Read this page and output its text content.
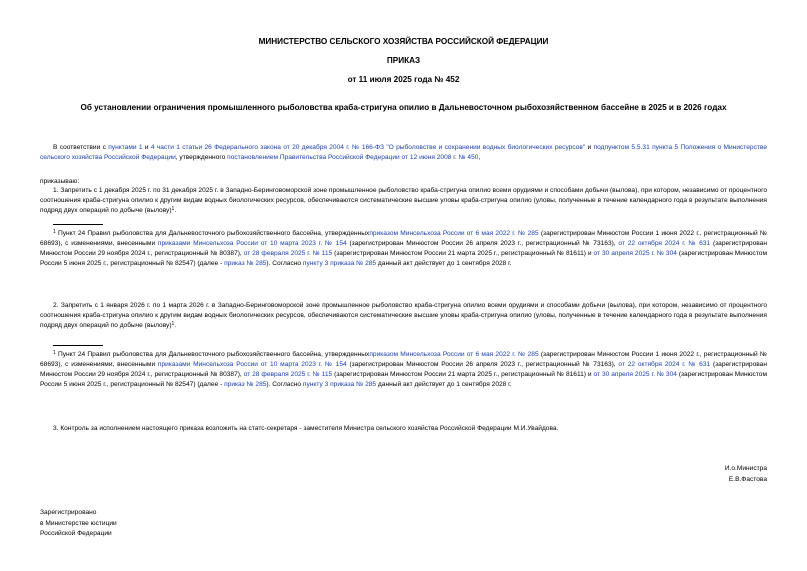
МИНИСТЕРСТВО СЕЛЬСКОГО ХОЗЯЙСТВА РОССИЙСКОЙ ФЕДЕРАЦИИ
ПРИКАЗ
от 11 июля 2025 года № 452
Об установлении ограничения промышленного рыболовства краба-стригуна опилио в Дальневосточном рыбохозяйственном бассейне в 2025 и в 2026 годах
В соответствии с пунктами 1 и 4 части 1 статьи 26 Федерального закона от 20 декабря 2004 г. № 166-ФЗ "О рыболовстве и сохранении водных биологических ресурсов" и подпунктом 5.5.31 пункта 5 Положения о Министерстве сельского хозяйства Российской Федерации, утвержденного постановлением Правительства Российской Федерации от 12 июня 2008 г. № 450,
приказываю:
1. Запретить с 1 декабря 2025 г. по 31 декабря 2025 г. в Западно-Беринговоморской зоне промышленное рыболовство краба-стригуна опилио всеми орудиями и способами добычи (вылова), при котором, независимо от процентного соотношения краба-стригуна опилио к другим видам водных биологических ресурсов, обеспечиваются систематические высшие уловы краба-стригуна опилио (уловы, полученные в течение календарного года в результате выполнения подряд двух операций по добыче (вылову)$^1$.
$^1$ Пункт 24 Правил рыболовства для Дальневосточного рыбохозяйственного бассейна, утвержденныхприказом Минсельхоза России от 6 мая 2022 г. № 285 (зарегистрирован Минюстом России 1 июня 2022 г., регистрационный № 68693), с изменениями, внесенными приказами Минсельхоза России от 10 марта 2023 г. № 154 (зарегистрирован Минюстом России 26 апреля 2023 г., регистрационный № 73163), от 22 октября 2024 г. № 631 (зарегистрирован Минюстом России 29 ноября 2024 г., регистрационный № 80387), от 28 февраля 2025 г. № 115 (зарегистрирован Минюстом России 21 марта 2025 г., регистрационный № 81611) и от 30 апреля 2025 г. № 304 (зарегистрирован Минюстом России 5 июня 2025 г., регистрационный № 82547) (далее - приказ № 285). Согласно пункту 3 приказа № 285 данный акт действует до 1 сентября 2028 г.
2. Запретить с 1 января 2026 г. по 1 марта 2026 г. в Западно-Беринговоморской зоне промышленное рыболовство краба-стригуна опилио всеми орудиями и способами добычи (вылова), при котором, независимо от процентного соотношения краба-стригуна опилио к другим видам водных биологических ресурсов, обеспечиваются систематические высшие уловы краба-стригуна опилио (уловы, полученные в течение календарного года в результате выполнения подряд двух операций по добыче (вылову)$^1$.
$^1$ Пункт 24 Правил рыболовства для Дальневосточного рыбохозяйственного бассейна, утвержденныхприказом Минсельхоза России от 6 мая 2022 г. № 285 (зарегистрирован Минюстом России 1 июня 2022 г., регистрационный № 68693), с изменениями, внесенными приказами Минсельхоза России от 10 марта 2023 г. № 154 (зарегистрирован Минюстом России 26 апреля 2023 г., регистрационный № 73163), от 22 октября 2024 г. № 631 (зарегистрирован Минюстом России 29 ноября 2024 г., регистрационный № 80387), от 28 февраля 2025 г. № 115 (зарегистрирован Минюстом России 21 марта 2025 г., регистрационный № 81611) и от 30 апреля 2025 г. № 304 (зарегистрирован Минюстом России 5 июня 2025 г., регистрационный № 82547) (далее - приказ № 285). Согласно пункту 3 приказа № 285 данный акт действует до 1 сентября 2028 г.
3. Контроль за исполнением настоящего приказа возложить на статс-секретаря - заместителя Министра сельского хозяйства Российской Федерации М.И.Увайдова.
И.о.Министра
Е.В.Фастова
Зарегистрировано
в Министерстве юстиции
Российской Федерации
